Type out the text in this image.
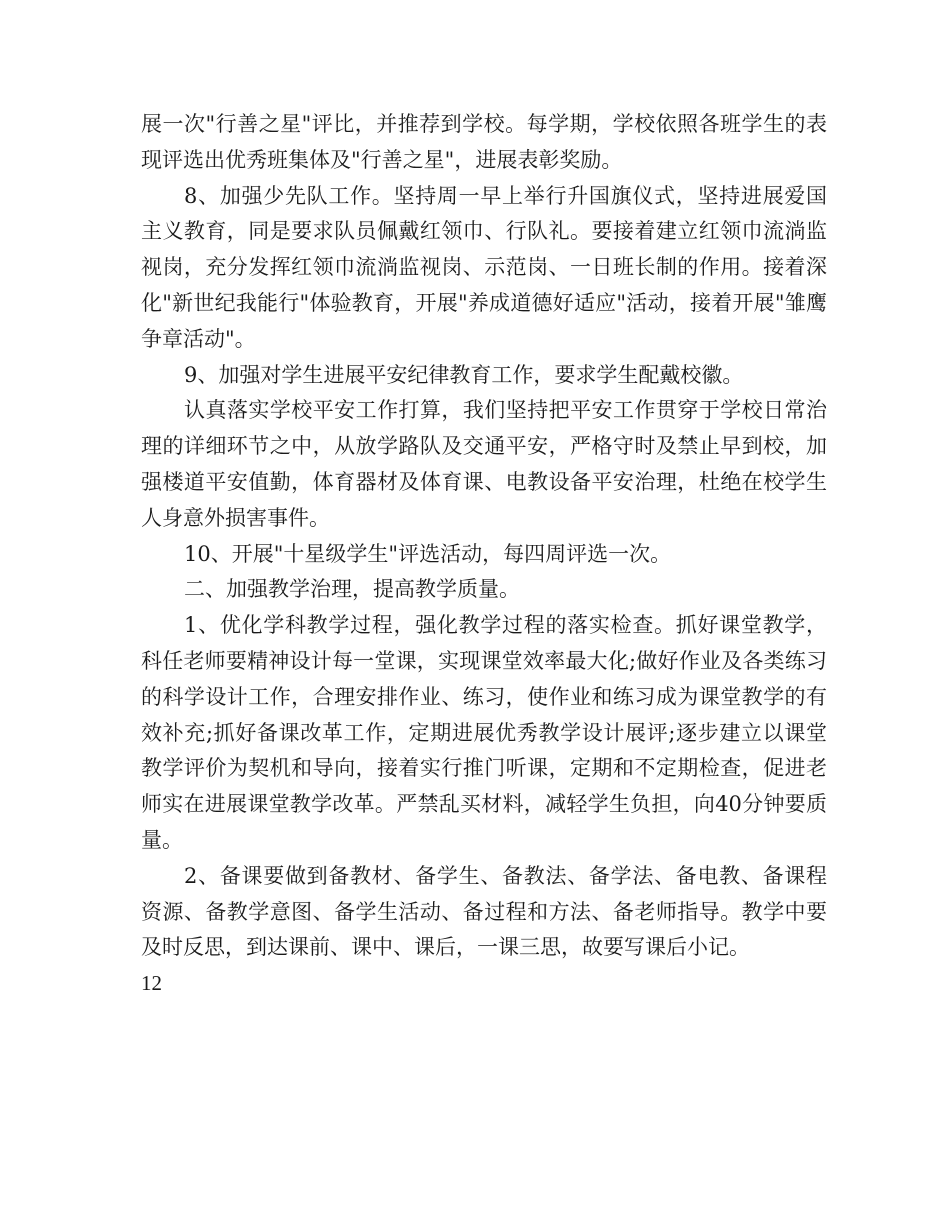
展一次"行善之星"评比，并推荐到学校。每学期，学校依照各班学生的表现评选出优秀班集体及"行善之星"，进展表彰奖励。

8、加强少先队工作。坚持周一早上举行升国旗仪式，坚持进展爱国主义教育，同是要求队员佩戴红领巾、行队礼。要接着建立红领巾流淌监视岗，充分发挥红领巾流淌监视岗、示范岗、一日班长制的作用。接着深化"新世纪我能行"体验教育，开展"养成道德好适应"活动，接着开展"雏鹰争章活动"。

9、加强对学生进展平安纪律教育工作，要求学生配戴校徽。

认真落实学校平安工作打算，我们坚持把平安工作贯穿于学校日常治理的详细环节之中，从放学路队及交通平安，严格守时及禁止早到校，加强楼道平安值勤，体育器材及体育课、电教设备平安治理，杜绝在校学生人身意外损害事件。

10、开展"十星级学生"评选活动，每四周评选一次。

二、加强教学治理，提高教学质量。

1、优化学科教学过程，强化教学过程的落实检查。抓好课堂教学，科任老师要精神设计每一堂课，实现课堂效率最大化;做好作业及各类练习的科学设计工作，合理安排作业、练习，使作业和练习成为课堂教学的有效补充;抓好备课改革工作，定期进展优秀教学设计展评;逐步建立以课堂教学评价为契机和导向，接着实行推门听课，定期和不定期检查，促进老师实在进展课堂教学改革。严禁乱买材料，减轻学生负担，向40分钟要质量。

2、备课要做到备教材、备学生、备教法、备学法、备电教、备课程资源、备教学意图、备学生活动、备过程和方法、备老师指导。教学中要及时反思，到达课前、课中、课后，一课三思，故要写课后小记。

12
